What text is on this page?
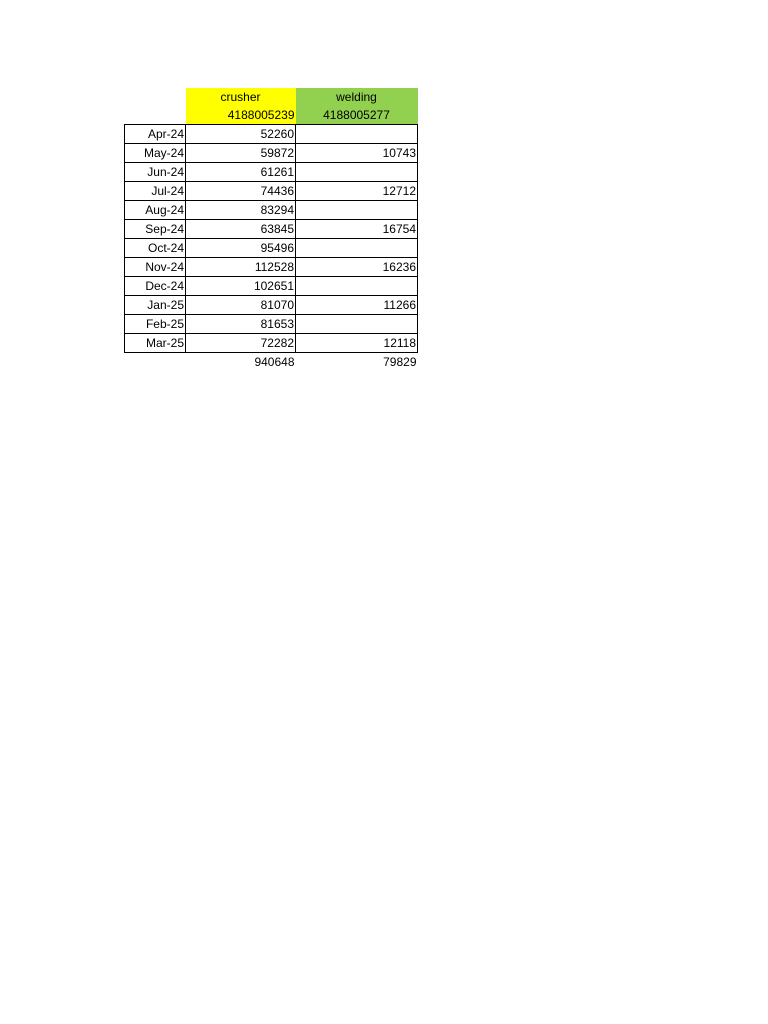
	crusher	welding
	4188005239	4188005277
Apr-24	52260	
May-24	59872	10743
Jun-24	61261	
Jul-24	74436	12712
Aug-24	83294	
Sep-24	63845	16754
Oct-24	95496	
Nov-24	112528	16236
Dec-24	102651	
Jan-25	81070	11266
Feb-25	81653	
Mar-25	72282	12118
	940648	79829
